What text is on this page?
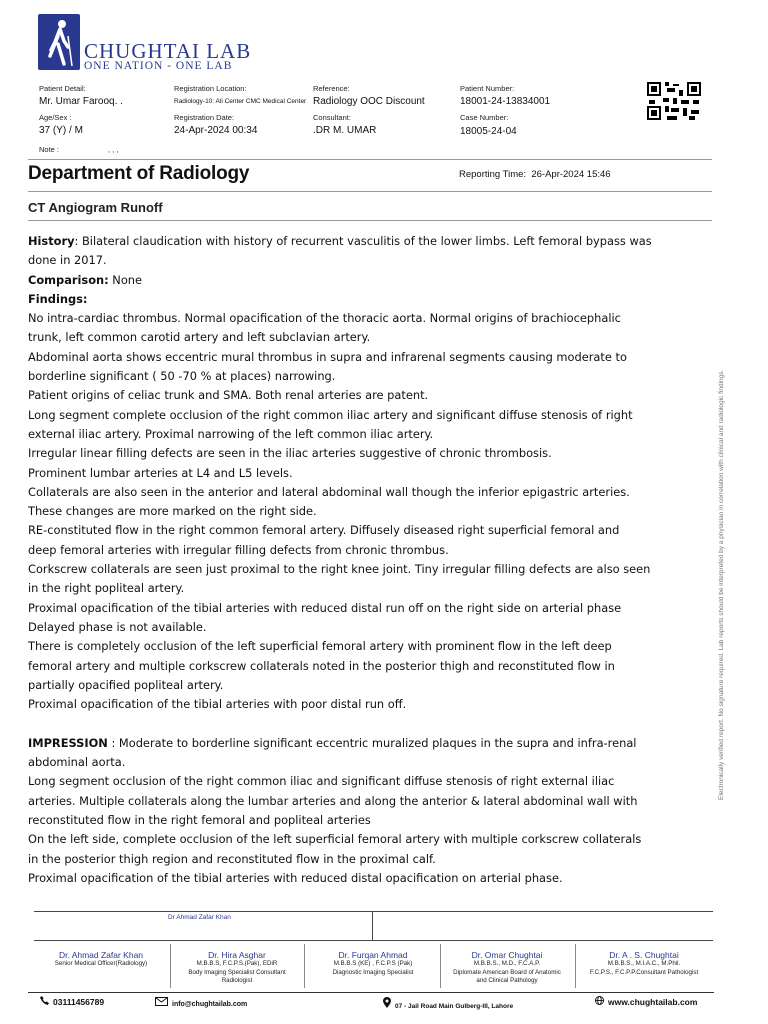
CHUGHTAI LAB
ONE NATION - ONE LAB
Patient Detail:
Mr. Umar Farooq. .
Age/Sex :
37 (Y) / M
Note :	, , ,
Registration Location:
Radiology-10: Ali Center CMC Medical Center
Registration Date:
24-Apr-2024 00:34
Reference:
Radiology OOC Discount
Consultant:
.DR M. UMAR
Patient Number:
18001-24-13834001
Case Number:
18005-24-04
Department of Radiology	Reporting Time: 26-Apr-2024 15:46
CT Angiogram Runoff
History: Bilateral claudication with history of recurrent vasculitis of the lower limbs. Left femoral bypass was
done in 2017.
Comparison: None
Findings:
No intra-cardiac thrombus. Normal opacification of the thoracic aorta. Normal origins of brachiocephalic
trunk, left common carotid artery and left subclavian artery.
Abdominal aorta shows eccentric mural thrombus in supra and infrarenal segments causing moderate to
borderline significant ( 50 -70 % at places) narrowing.
Patient origins of celiac trunk and SMA. Both renal arteries are patent.
Long segment complete occlusion of the right common iliac artery and significant diffuse stenosis of right
external iliac artery. Proximal narrowing of the left common iliac artery.
Irregular linear filling defects are seen in the iliac arteries suggestive of chronic thrombosis.
Prominent lumbar arteries at L4 and L5 levels.
Collaterals are also seen in the anterior and lateral abdominal wall though the inferior epigastric arteries.
These changes are more marked on the right side.
RE-constituted flow in the right common femoral artery. Diffusely diseased right superficial femoral and
deep femoral arteries with irregular filling defects from chronic thrombus.
Corkscrew collaterals are seen just proximal to the right knee joint. Tiny irregular filling defects are also seen
in the right popliteal artery.
Proximal opacification of the tibial arteries with reduced distal run off on the right side on arterial phase
Delayed phase is not available.
There is completely occlusion of the left superficial femoral artery with prominent flow in the left deep
femoral artery and multiple corkscrew collaterals noted in the posterior thigh and reconstituted flow in
partially opacified popliteal artery.
Proximal opacification of the tibial arteries with poor distal run off.
IMPRESSION : Moderate to borderline significant eccentric muralized plaques in the supra and infra-renal
abdominal aorta.
Long segment occlusion of the right common iliac and significant diffuse stenosis of right external iliac
arteries. Multiple collaterals along the lumbar arteries and along the anterior & lateral abdominal wall with
reconstituted flow in the right femoral and popliteal arteries
On the left side, complete occlusion of the left superficial femoral artery with multiple corkscrew collaterals
in the posterior thigh region and reconstituted flow in the proximal calf.
Proximal opacification of the tibial arteries with reduced distal opacification on arterial phase.
Electronically verified report. No signature required. Lab reports should be interpreted by a physician in correlation with clinical and radiologic findings.
Dr Ahmad Zafar Khan
Dr. Ahmad Zafar Khan
Senior Medical Officer(Radiology)
Dr. Hira Asghar
M.B.B.S, F.C.P.S.(Pak), EDiR
Body Imaging Specialist Consultant
Radiologist
Dr. Furqan Ahmad
M.B.B.S (KE) , F.C.P.S (Pak)
Diagnostic Imaging Specialist
Dr. Omar Chughtai
M.B.B.S., M.D., F.C.A.P.
Diplomate American Board of Anatomic
and Clinical Pathology
Dr. A . S. Chughtai
M.B.B.S., M.I.A.C., M.Phil.
F.C.P.S., F.C.P.P.Consultant Pathologist
03111456789	info@chughtailab.com	07 - Jail Road Main Gulberg-III, Lahore	www.chughtailab.com
